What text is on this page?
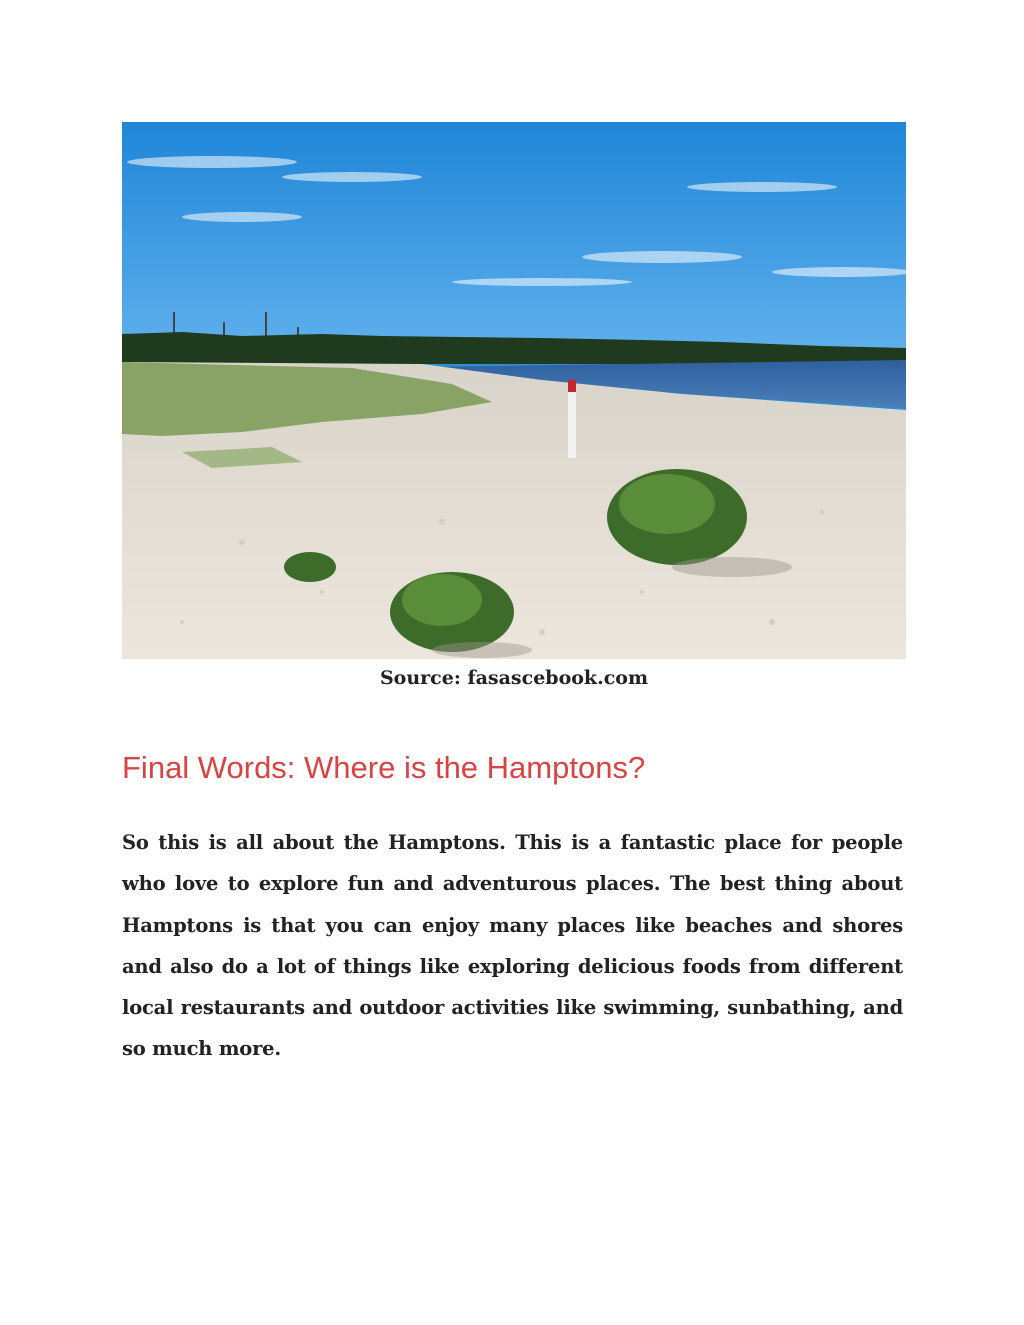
Source: fasascebook.com
Final Words: Where is the Hamptons?

So this is all about the Hamptons. This is a fantastic place for people who love to explore fun and adventurous places. The best thing about Hamptons is that you can enjoy many places like beaches and shores and also do a lot of things like exploring delicious foods from different local restaurants and outdoor activities like swimming, sunbathing, and so much more.
